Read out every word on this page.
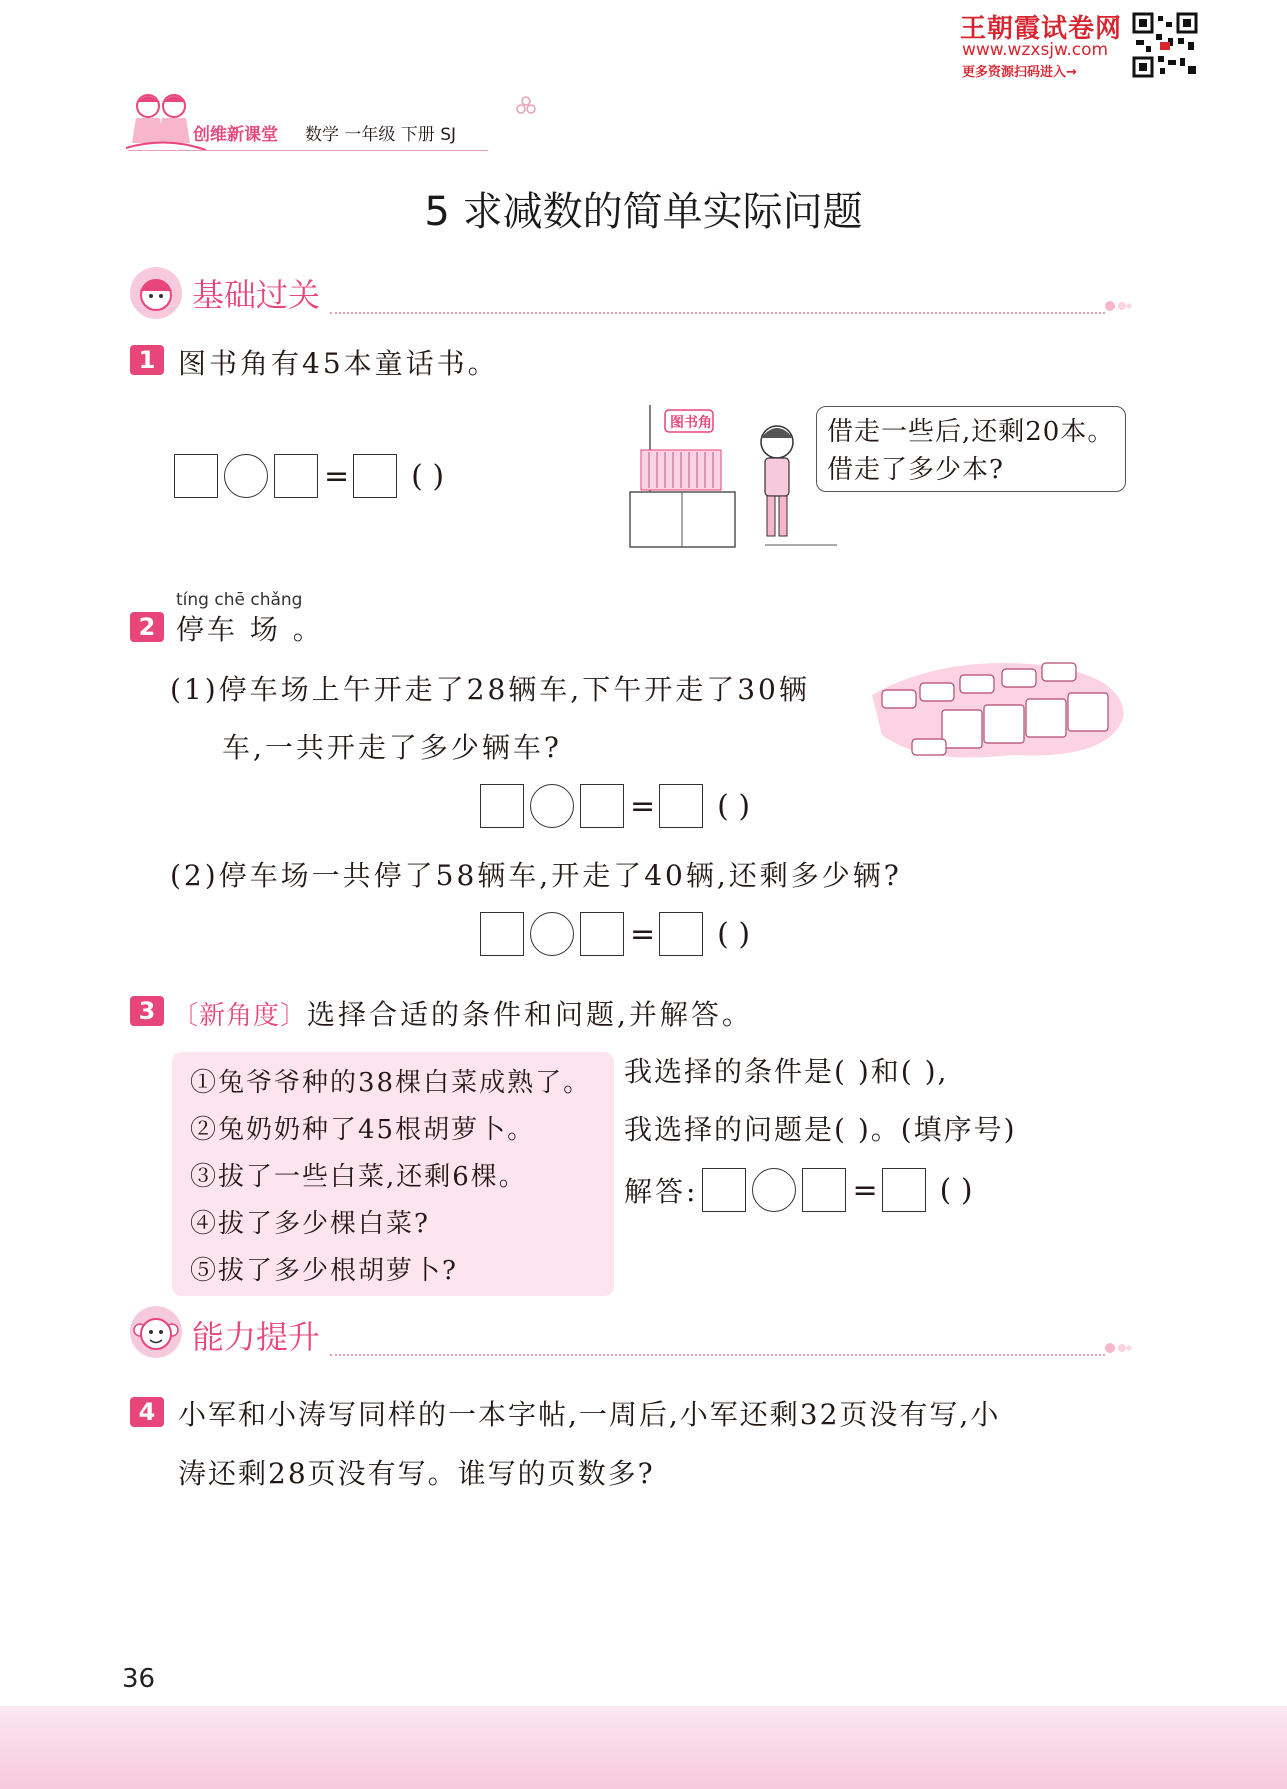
王朝霞试卷网
www.wzxsjw.com
更多资源扫码进入→
创维新课堂 数学 一年级 下册 SJ
5 求减数的简单实际问题
基础过关
1 图书角有45本童话书。
= ( )
图书角	借走一些后,还剩20本。
借走了多少本?
tíng chē chǎng
2 停车 场 。
(1)停车场上午开走了28辆车,下午开走了30辆
车,一共开走了多少辆车?
= ( )
(2)停车场一共停了58辆车,开走了40辆,还剩多少辆?
= ( )
3 〔新角度〕选择合适的条件和问题,并解答。
①兔爷爷种的38棵白菜成熟了。
②兔奶奶种了45根胡萝卜。
③拔了一些白菜,还剩6棵。
④拔了多少棵白菜?
⑤拔了多少根胡萝卜?
我选择的条件是( )和( ),
我选择的问题是( )。(填序号)
解答:	= ( )
能力提升
4 小军和小涛写同样的一本字帖,一周后,小军还剩32页没有写,小
涛还剩28页没有写。谁写的页数多?
36
